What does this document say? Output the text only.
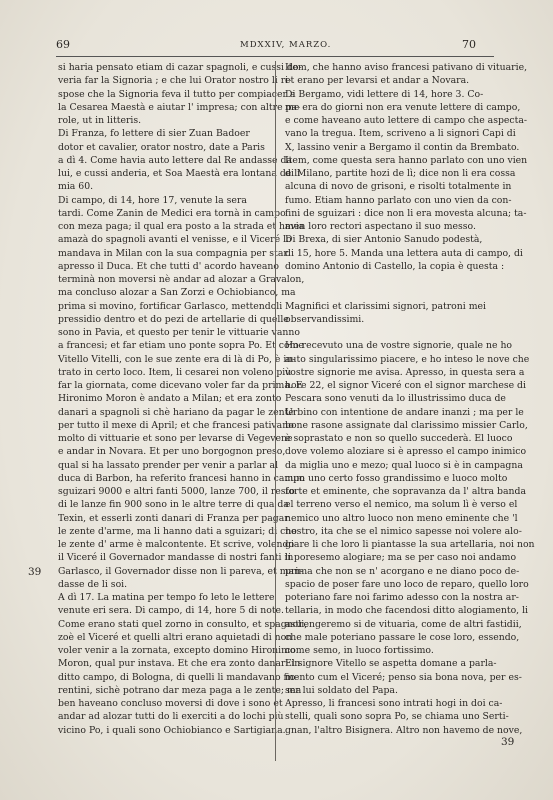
69	MDXXIV, MARZO.	70

si haria pensato etiam di cazar spagnoli, e cussi do-

veria far la Signoria ; e che lui Orator nostro li ri-

spose che la Signoria feva il tutto per compiacer a

la Cesarea Maestà e aiutar l' impresa; con altre pa-

role, ut in litteris.

Di Franza, fo lettere di sier Zuan Badoer

dotor et cavalier, orator nostro, date a Paris

a dì 4. Come havia auto lettere dal Re andasse da

lui, e cussi anderia, et Soa Maestà era lontana de li

mia 60.

Di campo, di 14, hore 17, venute la sera

tardi. Come Zanin de Medici era tornà in campo

con meza paga; il qual era posto a la strada et havia

amazà do spagnoli avanti el venisse, e il Viceré lo

mandava in Milan con la sua compagnia per star

apresso il Duca. Et che tutti d' acordo haveano

terminà non moversi nè andar ad alozar a Gravalon,

ma concluso alozar a San Zorzi e Ochiobianco, ma

prima si movino, fortificar Garlasco, mettendoli

pressidio dentro et do pezi de artellarie di quelle

sono in Pavia, et questo per tenir le vittuarie vanno

a francesi; et far etiam uno ponte sopra Po. Et come

Vitello Vitelli, con le sue zente era di là di Po, è in-

trato in certo loco. Item, li cesarei non voleno più

far la giornata, come dicevano voler far da prima. E

Hironimo Moron è andato a Milan; et era zonto

danari a spagnoli si chè hariano da pagar le zente

per tutto il mexe di April; et che francesi pativano

molto di vittuarie et sono per levarse di Vegevene

e andar in Novara. Et per uno borgognon preso,

qual si ha lassato prender per venir a parlar al

duca di Barbon, ha referito francesi hanno in campo

sguizari 9000 e altri fanti 5000, lanze 700, il resto

di le lanze fin 900 sono in le altre terre di qua da

Texin, et esserli zonti danari di Franza per pagar

le zente d'arme, ma li hanno dati a sguizari; di che

le zente d' arme è malcontente. Et scrive, volendo

il Viceré il Governador mandasse di nostri fanti in

Garlasco, il Governador disse non li pareva, et man-

dasse de li soi.

A dì 17. La matina per tempo fo leto le lettere

venute eri sera. Di campo, di 14, hore 5 di note.

Come erano stati quel zorno in consulto, et spagnoli,

zoè el Viceré et quelli altri erano aquietadi di non

voler venir a la zornata, excepto domino Hironimo

Moron, qual pur instava. Et che era zonto danari in

ditto campo, di Bologna, di quelli li mandavano fio-

rentini, sichè potrano dar meza paga a le zente; ma

ben haveano concluso moversi di dove i sono et

andar ad alozar tutti do li exerciti a do lochi più

vicino Po, i quali sono Ochiobianco e Sartigiana.

Item, che hanno aviso francesi pativano di vituarie,

et erano per levarsi et andar a Novara.

Di Bergamo, vidi lettere di 14, hore 3. Co-

me era do giorni non era venute lettere di campo,

e come haveano auto lettere di campo che aspecta-

vano la tregua. Item, scriveno a li signori Capi di

X, lassino venir a Bergamo il contin da Brembato.

Item, come questa sera hanno parlato con uno vien

di Milano, partite hozi de lì; dice non li era cossa

alcuna di novo de grisoni, e risolti totalmente in

fumo. Etiam hanno parlato con uno vien da con-

fini de sguizari : dice non li era movesta alcuna; ta-

men loro rectori aspectano il suo messo.

Di Brexa, di sier Antonio Sanudo podestà,

di 15, hore 5. Manda una lettera auta di campo, di

domino Antonio di Castello, la copia è questa :

Magnifici et clarissimi signori, patroni mei

observandissimi.

Ho recevuto una de vostre signorie, quale ne ho

auto singularissimo piacere, e ho inteso le nove che

vostre signorie me avisa. Apresso, in questa sera a

hore 22, el signor Viceré con el signor marchese di

Pescara sono venuti da lo illustrissimo duca de

Urbino con intentione de andare inanzi ; ma per le

bone rasone assignate dal clarissimo missier Carlo,

è soprastato e non so quello succederà. El luoco

dove volemo aloziare si è apresso el campo inimico

da miglia uno e mezo; qual luoco si è in campagna

cum uno certo fosso grandissimo e luoco molto

forte et eminente, che sopravanza da l' altra banda

el terreno verso el nemico, ma solum lì è verso el

nemico uno altro luoco non meno eminente che 'l

nostro, ita che se el nimico sapesse noi volere alo-

giare li che loro li piantasse la sua artellaria, noi non

li poresemo alogiare; ma se per caso noi andamo

prima che non se n' acorgano e ne diano poco de-

spacio de poser fare uno loco de reparo, quello loro

poteriano fare noi farimo adesso con la nostra ar-

tellaria, in modo che facendosi ditto alogiamento, li

astrengeremo si de vituaria, come de altri fastidii,

che male poteriano passare le cose loro, essendo,

come semo, in luoco fortissimo.

El signore Vitello se aspetta domane a parla-

mento cum el Viceré; penso sia bona nova, per es-

ser lui soldato del Papa.

Apresso, li francesi sono intrati hogi in doi ca-

stelli, quali sono sopra Po, se chiama uno Serti-

gnan, l'altro Bisignera. Altro non havemo de nove,

39
39
